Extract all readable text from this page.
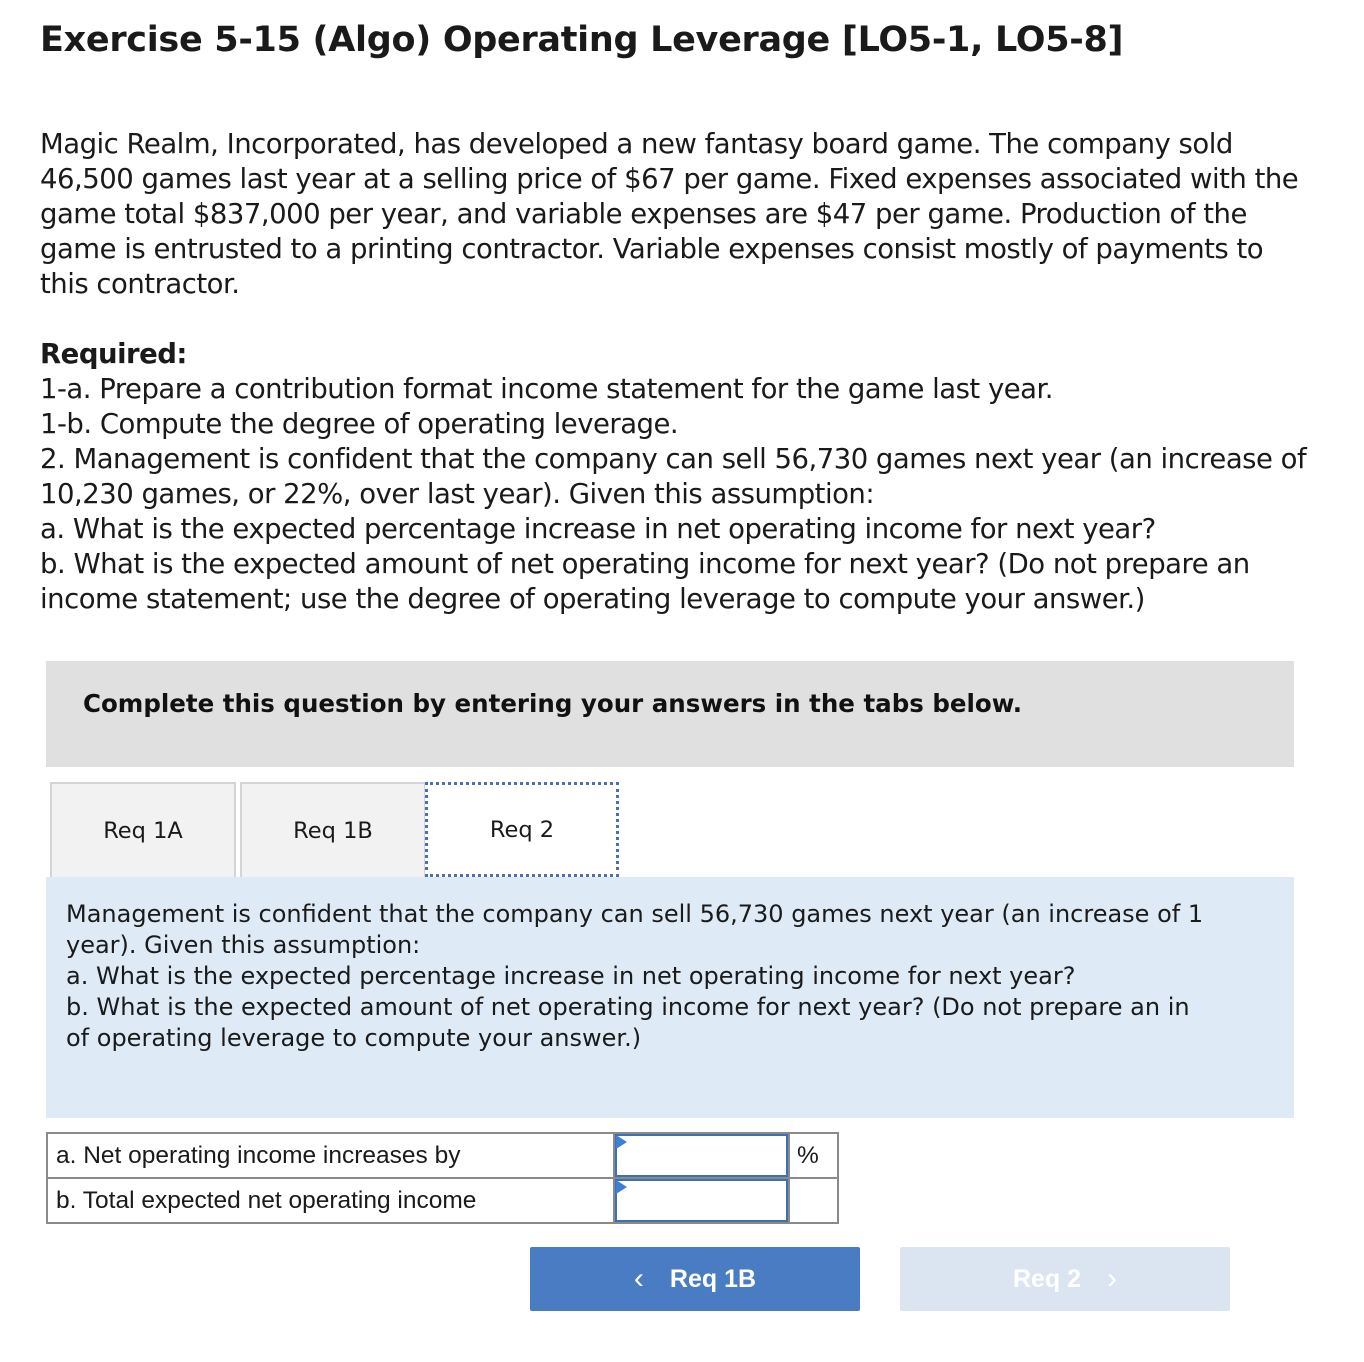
Exercise 5-15 (Algo) Operating Leverage [LO5-1, LO5-8]

Magic Realm, Incorporated, has developed a new fantasy board game. The company sold 46,500 games last year at a selling price of $67 per game. Fixed expenses associated with the game total $837,000 per year, and variable expenses are $47 per game. Production of the game is entrusted to a printing contractor. Variable expenses consist mostly of payments to this contractor.

Required:
1-a. Prepare a contribution format income statement for the game last year.
1-b. Compute the degree of operating leverage.
2. Management is confident that the company can sell 56,730 games next year (an increase of 10,230 games, or 22%, over last year). Given this assumption:
a. What is the expected percentage increase in net operating income for next year?
b. What is the expected amount of net operating income for next year? (Do not prepare an income statement; use the degree of operating leverage to compute your answer.)
Complete this question by entering your answers in the tabs below.
Req 1A	Req 1B	Req 2
Management is confident that the company can sell 56,730 games next year (an increase of 1
year). Given this assumption:
a. What is the expected percentage increase in net operating income for next year?
b. What is the expected amount of net operating income for next year? (Do not prepare an in
of operating leverage to compute your answer.)
a. Net operating income increases by		%
b. Total expected net operating income	

‹ Req 1B	Req 2 ›
